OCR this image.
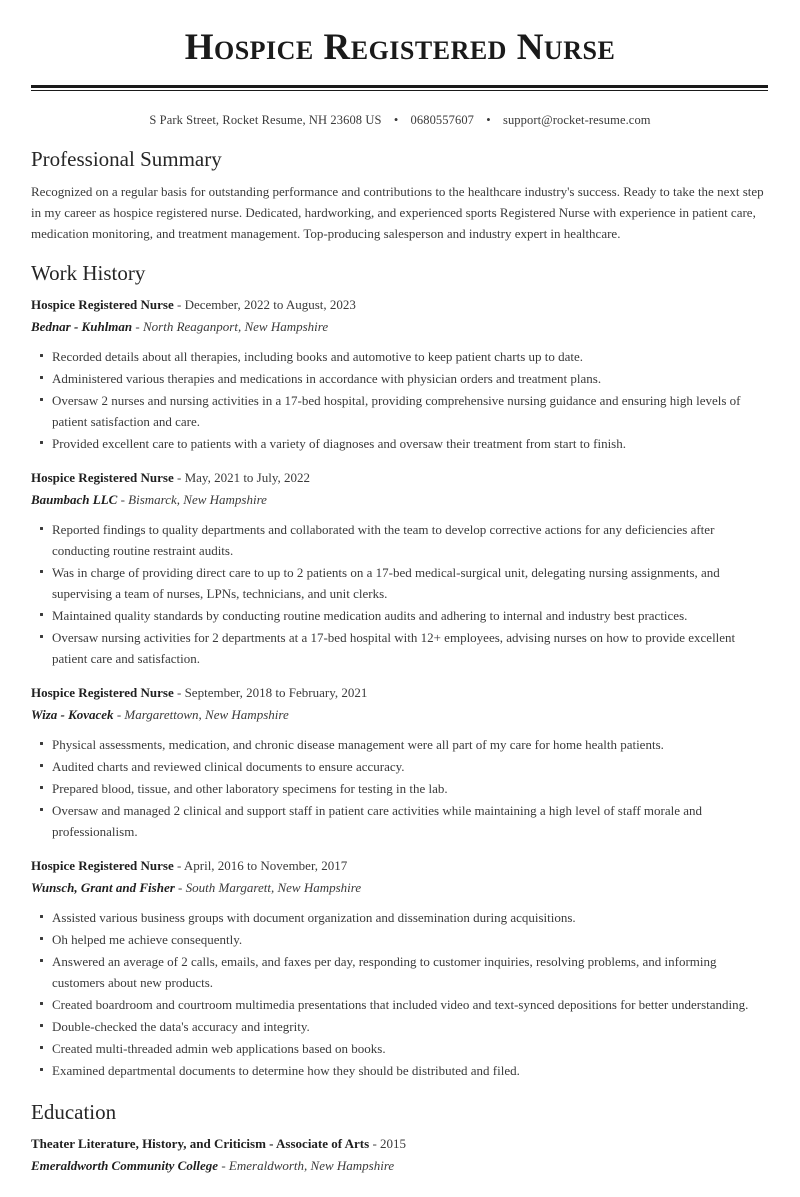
Hospice Registered Nurse
S Park Street, Rocket Resume, NH 23608 US • 0680557607 • support@rocket-resume.com
Professional Summary

Recognized on a regular basis for outstanding performance and contributions to the healthcare industry's success. Ready to take the next step in my career as hospice registered nurse. Dedicated, hardworking, and experienced sports Registered Nurse with experience in patient care, medication monitoring, and treatment management. Top-producing salesperson and industry expert in healthcare.

Work History
Hospice Registered Nurse - December, 2022 to August, 2023
Bednar - Kuhlman - North Reaganport, New Hampshire
Recorded details about all therapies, including books and automotive to keep patient charts up to date.
Administered various therapies and medications in accordance with physician orders and treatment plans.
Oversaw 2 nurses and nursing activities in a 17-bed hospital, providing comprehensive nursing guidance and ensuring high levels of patient satisfaction and care.
Provided excellent care to patients with a variety of diagnoses and oversaw their treatment from start to finish.
Hospice Registered Nurse - May, 2021 to July, 2022
Baumbach LLC - Bismarck, New Hampshire
Reported findings to quality departments and collaborated with the team to develop corrective actions for any deficiencies after conducting routine restraint audits.
Was in charge of providing direct care to up to 2 patients on a 17-bed medical-surgical unit, delegating nursing assignments, and supervising a team of nurses, LPNs, technicians, and unit clerks.
Maintained quality standards by conducting routine medication audits and adhering to internal and industry best practices.
Oversaw nursing activities for 2 departments at a 17-bed hospital with 12+ employees, advising nurses on how to provide excellent patient care and satisfaction.
Hospice Registered Nurse - September, 2018 to February, 2021
Wiza - Kovacek - Margarettown, New Hampshire
Physical assessments, medication, and chronic disease management were all part of my care for home health patients.
Audited charts and reviewed clinical documents to ensure accuracy.
Prepared blood, tissue, and other laboratory specimens for testing in the lab.
Oversaw and managed 2 clinical and support staff in patient care activities while maintaining a high level of staff morale and professionalism.
Hospice Registered Nurse - April, 2016 to November, 2017
Wunsch, Grant and Fisher - South Margarett, New Hampshire
Assisted various business groups with document organization and dissemination during acquisitions.
Oh helped me achieve consequently.
Answered an average of 2 calls, emails, and faxes per day, responding to customer inquiries, resolving problems, and informing customers about new products.
Created boardroom and courtroom multimedia presentations that included video and text-synced depositions for better understanding.
Double-checked the data's accuracy and integrity.
Created multi-threaded admin web applications based on books.
Examined departmental documents to determine how they should be distributed and filed.
Education
Theater Literature, History, and Criticism - Associate of Arts - 2015
Emeraldworth Community College - Emeraldworth, New Hampshire
